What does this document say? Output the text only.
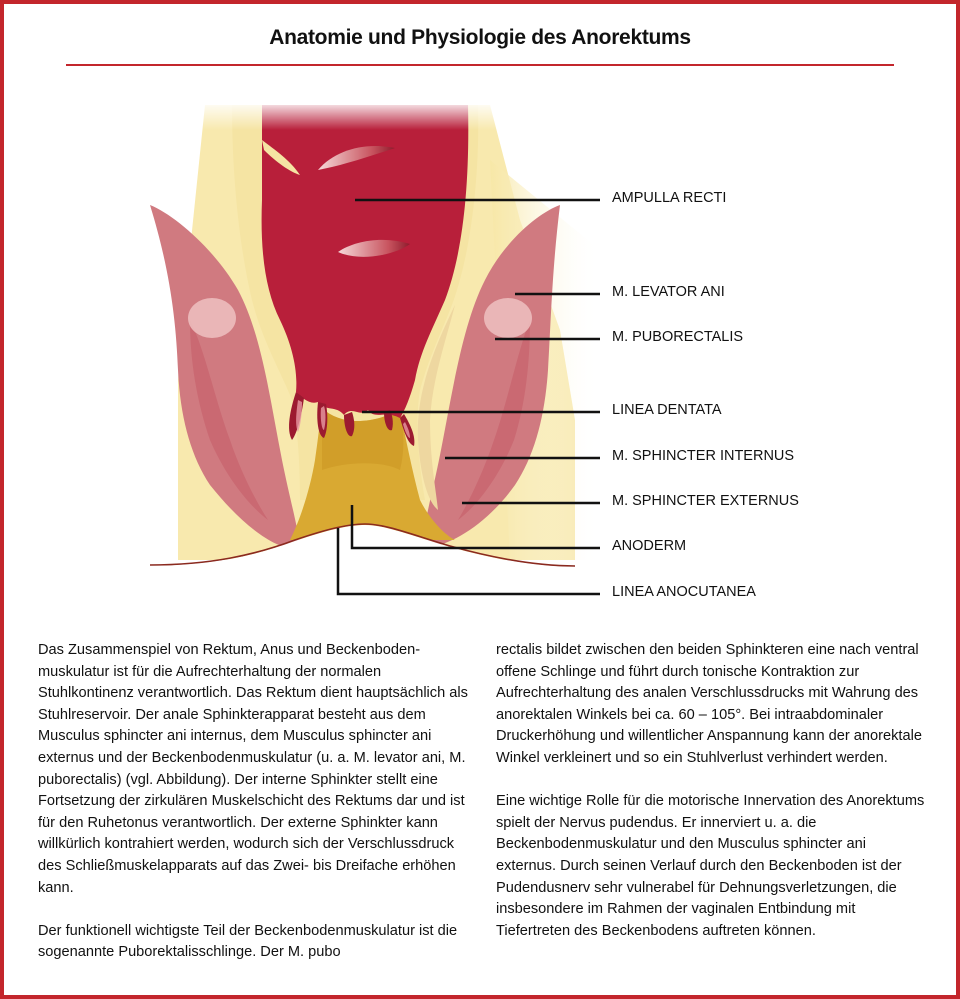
Anatomie und Physiologie des Anorektums
AMPULLA RECTI
M. LEVATOR ANI
M. PUBORECTALIS
LINEA DENTATA
M. SPHINCTER INTERNUS
M. SPHINCTER EXTERNUS
ANODERM
LINEA ANOCUTANEA

Das Zusammenspiel von Rektum, Anus und Beckenbodenmuskulatur ist für die Aufrechterhaltung der normalen Stuhlkontinenz verantwortlich. Das Rektum dient hauptsächlich als Stuhlreservoir. Der anale Sphinkterapparat besteht aus dem Musculus sphincter ani internus, dem Musculus sphincter ani externus und der Beckenbodenmuskulatur (u. a. M. levator ani, M. puborectalis) (vgl. Abbildung). Der interne Sphinkter stellt eine Fortsetzung der zirkulären Muskelschicht des Rektums dar und ist für den Ruhetonus verantwortlich. Der externe Sphinkter kann willkürlich kontrahiert werden, wodurch sich der Verschlussdruck des Schließmuskelapparats auf das Zwei- bis Dreifache erhöhen kann.

Der funktionell wichtigste Teil der Beckenbodenmuskulatur ist die sogenannte Puborektalisschlinge. Der M. pubo

rectalis bildet zwischen den beiden Sphinkteren eine nach ventral offene Schlinge und führt durch tonische Kontraktion zur Aufrechterhaltung des analen Verschlussdrucks mit Wahrung des anorektalen Winkels bei ca. 60 – 105°. Bei intraabdominaler Druckerhöhung und willentlicher Anspannung kann der anorektale Winkel verkleinert und so ein Stuhlverlust verhindert werden.

Eine wichtige Rolle für die motorische Innervation des Anorektums spielt der Nervus pudendus. Er innerviert u. a. die Beckenbodenmuskulatur und den Musculus sphincter ani externus. Durch seinen Verlauf durch den Beckenboden ist der Pudendusnerv sehr vulnerabel für Dehnungsverletzungen, die insbesondere im Rahmen der vaginalen Entbindung mit Tiefertreten des Beckenbodens auftreten können.
